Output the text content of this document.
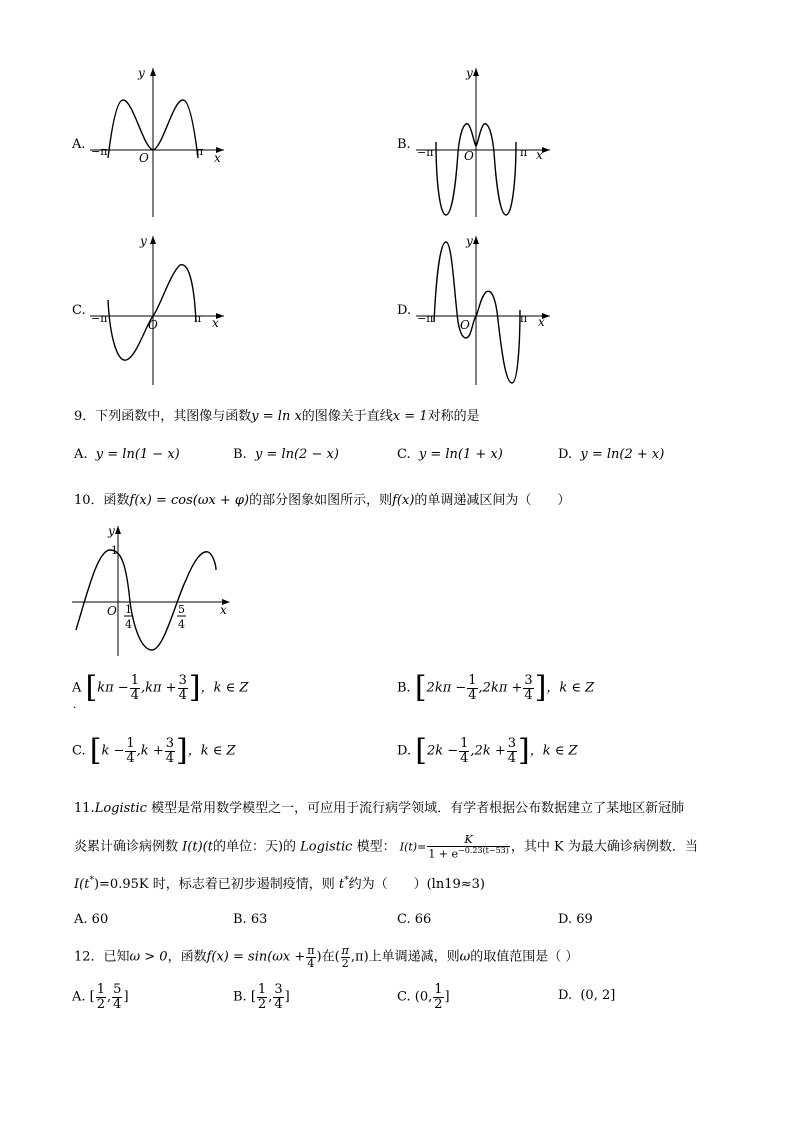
A.
y
x
O
−π	π	B.
y
x
O
−π	π
C.
y
x
O
−π	π
D.
y
x
O
−π	π
9．下列函数中，其图像与函数y = ln x的图像关于直线x = 1对称的是
A. y = ln(1 − x)	B. y = ln(2 − x)	C. y = ln(1 + x)	D. y = ln(2 + x)
10．函数f(x) = cos(ωx + φ)的部分图象如图所示，则f(x)的单调递减区间为（　　）
y
x
1
O 1
4
5
4
A [$k\pi - \frac{1}{4} ,k\pi + \frac{3}{4}$ ]，k ∈ Z
.
B. [$2k\pi - \frac{1}{4} ,2k\pi + \frac{3}{4}$ ]，k ∈ Z
C. [$k - \frac{1}{4} ,k + \frac{3}{4}$ ]，k ∈ Z	D. [$2k - \frac{1}{4} ,2k + \frac{3}{4}$ ]，k ∈ Z
11.Logistic 模型是常用数学模型之一，可应用于流行病学领域．有学者根据公布数据建立了某地区新冠肺
炎累计确诊病例数 I(t)(t的单位：天)的 Logistic 模型： $I(t)= \frac{K}{1 + e^{-0.23(t-53)}}$ ，其中 K 为最大确诊病例数．当
I(t*)=0.95K 时，标志着已初步遏制疫情，则 t*约为（　　）(ln19≈3)
A. 60	B. 63	C. 66	D. 69
12．已知ω > 0，函数$f(x) = \sin(\omega x + \frac{\pi}{4}$ )在( $\frac{\pi}{2} ,\pi$)上单调递减，则ω的取值范围是（ ）
A. [ $\frac{1}{2}$ , $\frac{5}{4}$ ]	B. [ $\frac{1}{2}$ , $\frac{3}{4}$ ]	C. (0, $\frac{1}{2}$ ]	D. (0, 2]
